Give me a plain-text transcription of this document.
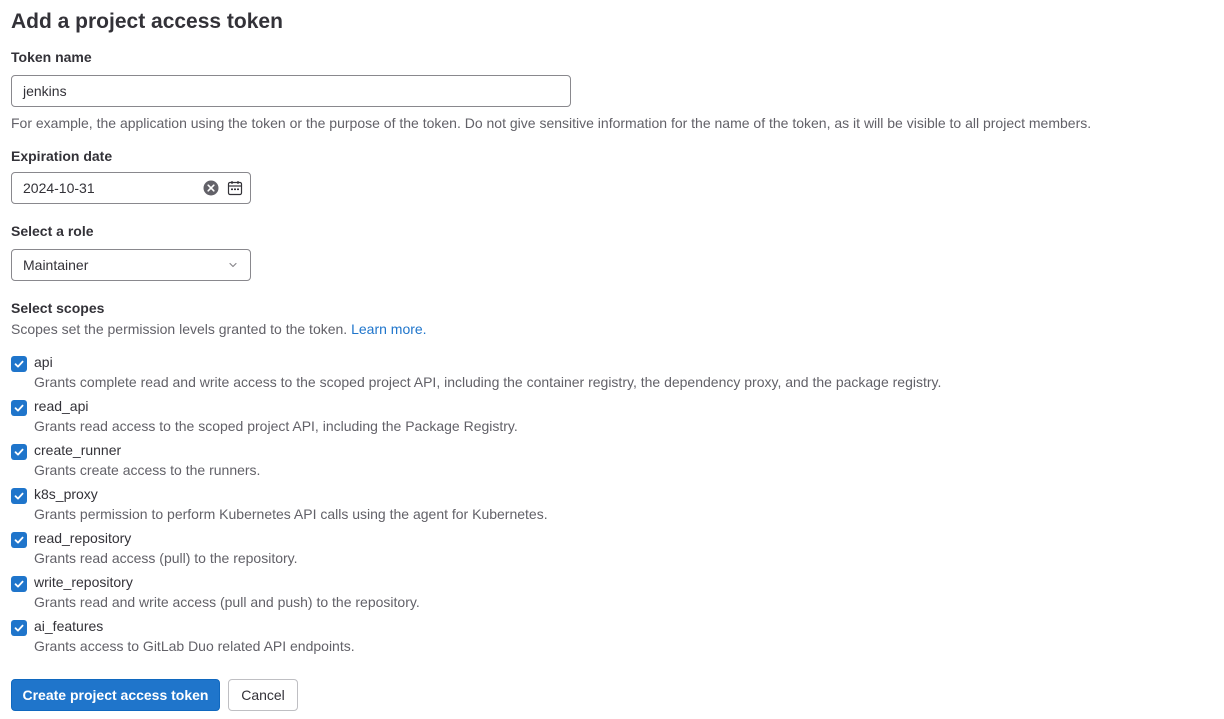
Add a project access token
Token name
jenkins
For example, the application using the token or the purpose of the token. Do not give sensitive information for the name of the token, as it will be visible to all project members.
Expiration date
2024-10-31
Select a role
Maintainer
Select scopes
Scopes set the permission levels granted to the token. Learn more.
api
Grants complete read and write access to the scoped project API, including the container registry, the dependency proxy, and the package registry.
read_api
Grants read access to the scoped project API, including the Package Registry.
create_runner
Grants create access to the runners.
k8s_proxy
Grants permission to perform Kubernetes API calls using the agent for Kubernetes.
read_repository
Grants read access (pull) to the repository.
write_repository
Grants read and write access (pull and push) to the repository.
ai_features
Grants access to GitLab Duo related API endpoints.
Create project access token	Cancel
